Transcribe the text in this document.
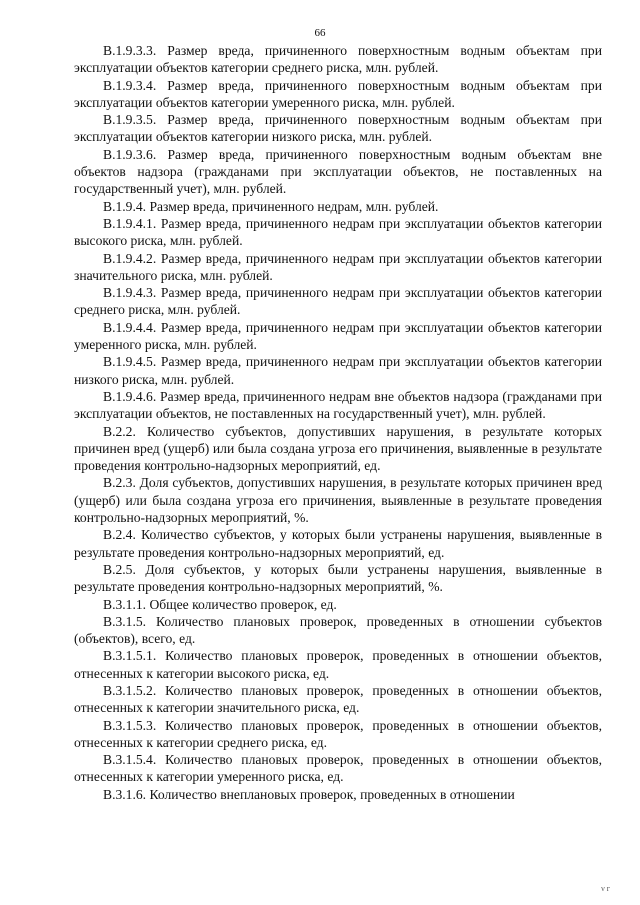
66

В.1.9.3.3. Размер вреда, причиненного поверхностным водным объектам при эксплуатации объектов категории среднего риска, млн. рублей.

В.1.9.3.4. Размер вреда, причиненного поверхностным водным объектам при эксплуатации объектов категории умеренного риска, млн. рублей.

В.1.9.3.5. Размер вреда, причиненного поверхностным водным объектам при эксплуатации объектов категории низкого риска, млн. рублей.

В.1.9.3.6. Размер вреда, причиненного поверхностным водным объектам вне объектов надзора (гражданами при эксплуатации объектов, не поставленных на государственный учет), млн. рублей.

В.1.9.4. Размер вреда, причиненного недрам, млн. рублей.

В.1.9.4.1. Размер вреда, причиненного недрам при эксплуатации объектов категории высокого риска, млн. рублей.

В.1.9.4.2. Размер вреда, причиненного недрам при эксплуатации объектов категории значительного риска, млн. рублей.

В.1.9.4.3. Размер вреда, причиненного недрам при эксплуатации объектов категории среднего риска, млн. рублей.

В.1.9.4.4. Размер вреда, причиненного недрам при эксплуатации объектов категории умеренного риска, млн. рублей.

В.1.9.4.5. Размер вреда, причиненного недрам при эксплуатации объектов категории низкого риска, млн. рублей.

В.1.9.4.6. Размер вреда, причиненного недрам вне объектов надзора (гражданами при эксплуатации объектов, не поставленных на государственный учет), млн. рублей.

В.2.2. Количество субъектов, допустивших нарушения, в результате которых причинен вред (ущерб) или была создана угроза его причинения, выявленные в результате проведения контрольно-надзорных мероприятий, ед.

В.2.3. Доля субъектов, допустивших нарушения, в результате которых причинен вред (ущерб) или была создана угроза его причинения, выявленные в результате проведения контрольно-надзорных мероприятий, %.

В.2.4. Количество субъектов, у которых были устранены нарушения, выявленные в результате проведения контрольно-надзорных мероприятий, ед.

В.2.5. Доля субъектов, у которых были устранены нарушения, выявленные в результате проведения контрольно-надзорных мероприятий, %.

В.3.1.1. Общее количество проверок, ед.

В.3.1.5. Количество плановых проверок, проведенных в отношении субъектов (объектов), всего, ед.

В.3.1.5.1. Количество плановых проверок, проведенных в отношении объектов, отнесенных к категории высокого риска, ед.

В.3.1.5.2. Количество плановых проверок, проведенных в отношении объектов, отнесенных к категории значительного риска, ед.

В.3.1.5.3. Количество плановых проверок, проведенных в отношении объектов, отнесенных к категории среднего риска, ед.

В.3.1.5.4. Количество плановых проверок, проведенных в отношении объектов, отнесенных к категории умеренного риска, ед.

В.3.1.6. Количество внеплановых проверок, проведенных в отношении

ν г
